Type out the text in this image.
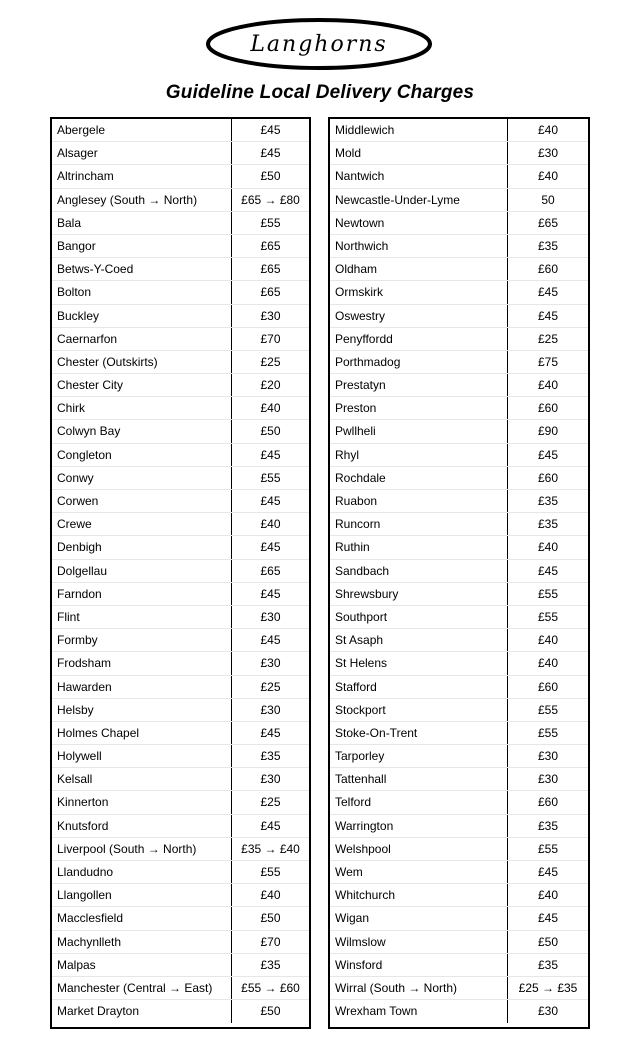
Langhorns
Guideline Local Delivery Charges
Abergele	£45
Alsager	£45
Altrincham	£50
Anglesey (South → North)	£65 → £80
Bala	£55
Bangor	£65
Betws-Y-Coed	£65
Bolton	£65
Buckley	£30
Caernarfon	£70
Chester (Outskirts)	£25
Chester City	£20
Chirk	£40
Colwyn Bay	£50
Congleton	£45
Conwy	£55
Corwen	£45
Crewe	£40
Denbigh	£45
Dolgellau	£65
Farndon	£45
Flint	£30
Formby	£45
Frodsham	£30
Hawarden	£25
Helsby	£30
Holmes Chapel	£45
Holywell	£35
Kelsall	£30
Kinnerton	£25
Knutsford	£45
Liverpool (South → North)	£35 → £40
Llandudno	£55
Llangollen	£40
Macclesfield	£50
Machynlleth	£70
Malpas	£35
Manchester (Central → East)	£55 → £60
Market Drayton	£50
Middlewich	£40
Mold	£30
Nantwich	£40
Newcastle-Under-Lyme	50
Newtown	£65
Northwich	£35
Oldham	£60
Ormskirk	£45
Oswestry	£45
Penyffordd	£25
Porthmadog	£75
Prestatyn	£40
Preston	£60
Pwllheli	£90
Rhyl	£45
Rochdale	£60
Ruabon	£35
Runcorn	£35
Ruthin	£40
Sandbach	£45
Shrewsbury	£55
Southport	£55
St Asaph	£40
St Helens	£40
Stafford	£60
Stockport	£55
Stoke-On-Trent	£55
Tarporley	£30
Tattenhall	£30
Telford	£60
Warrington	£35
Welshpool	£55
Wem	£45
Whitchurch	£40
Wigan	£45
Wilmslow	£50
Winsford	£35
Wirral (South → North)	£25 → £35
Wrexham Town	£30
